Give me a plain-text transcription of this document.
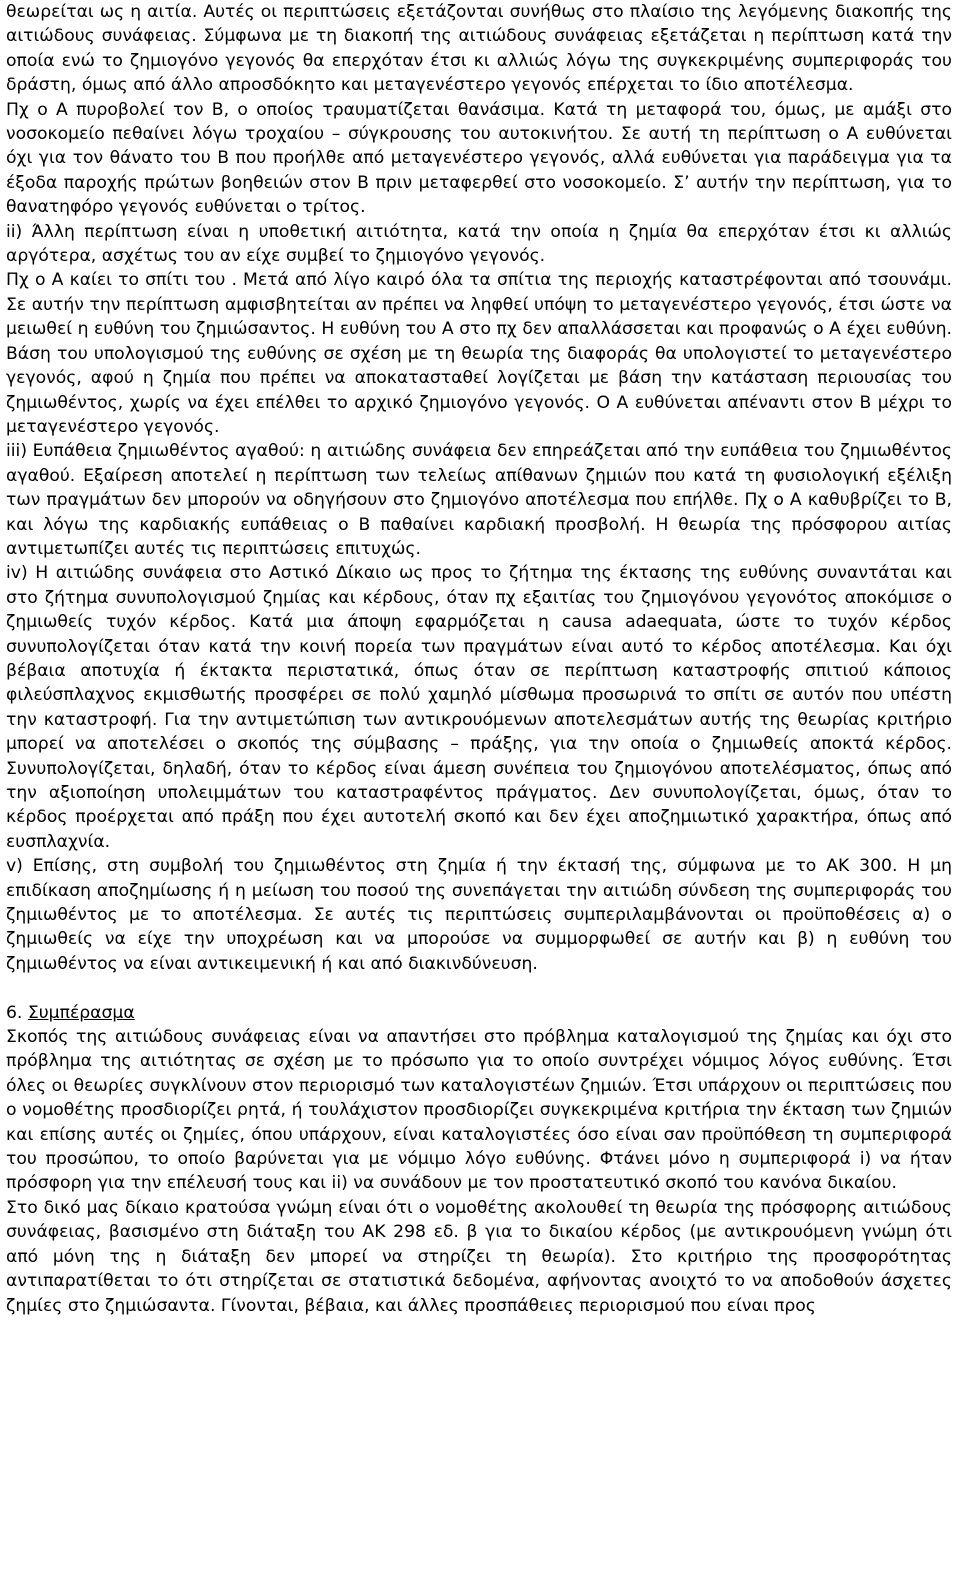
θεωρείται ως η αιτία. Αυτές οι περιπτώσεις εξετάζονται συνήθως στο πλαίσιο της λεγόμενης διακοπής της αιτιώδους συνάφειας. Σύμφωνα με τη διακοπή της αιτιώδους συνάφειας εξετάζεται η περίπτωση κατά την οποία ενώ το ζημιογόνο γεγονός θα επερχόταν έτσι κι αλλιώς λόγω της συγκεκριμένης συμπεριφοράς του δράστη, όμως από άλλο απροσδόκητο και μεταγενέστερο γεγονός επέρχεται το ίδιο αποτέλεσμα.

Πχ ο Α πυροβολεί τον Β, ο οποίος τραυματίζεται θανάσιμα. Κατά τη μεταφορά του, όμως, με αμάξι στο νοσοκομείο πεθαίνει λόγω τροχαίου – σύγκρουσης του αυτοκινήτου. Σε αυτή τη περίπτωση ο Α ευθύνεται όχι για τον θάνατο του Β που προήλθε από μεταγενέστερο γεγονός, αλλά ευθύνεται για παράδειγμα για τα έξοδα παροχής πρώτων βοηθειών στον Β πριν μεταφερθεί στο νοσοκομείο. Σ’ αυτήν την περίπτωση, για το θανατηφόρο γεγονός ευθύνεται ο τρίτος.

ii) Άλλη περίπτωση είναι η υποθετική αιτιότητα, κατά την οποία η ζημία θα επερχόταν έτσι κι αλλιώς αργότερα, ασχέτως του αν είχε συμβεί το ζημιογόνο γεγονός.

Πχ ο Α καίει το σπίτι του . Μετά από λίγο καιρό όλα τα σπίτια της περιοχής καταστρέφονται από τσουνάμι. Σε αυτήν την περίπτωση αμφισβητείται αν πρέπει να ληφθεί υπόψη το μεταγενέστερο γεγονός, έτσι ώστε να μειωθεί η ευθύνη του ζημιώσαντος. Η ευθύνη του Α στο πχ δεν απαλλάσσεται και προφανώς ο Α έχει ευθύνη. Βάση του υπολογισμού της ευθύνης σε σχέση με τη θεωρία της διαφοράς θα υπολογιστεί το μεταγενέστερο γεγονός, αφού η ζημία που πρέπει να αποκατασταθεί λογίζεται με βάση την κατάσταση περιουσίας του ζημιωθέντος, χωρίς να έχει επέλθει το αρχικό ζημιογόνο γεγονός. Ο Α ευθύνεται απέναντι στον Β μέχρι το μεταγενέστερο γεγονός.

iii) Ευπάθεια ζημιωθέντος αγαθού: η αιτιώδης συνάφεια δεν επηρεάζεται από την ευπάθεια του ζημιωθέντος αγαθού. Εξαίρεση αποτελεί η περίπτωση των τελείως απίθανων ζημιών που κατά τη φυσιολογική εξέλιξη των πραγμάτων δεν μπορούν να οδηγήσουν στο ζημιογόνο αποτέλεσμα που επήλθε. Πχ ο Α καθυβρίζει το Β, και λόγω της καρδιακής ευπάθειας ο Β παθαίνει καρδιακή προσβολή. Η θεωρία της πρόσφορου αιτίας αντιμετωπίζει αυτές τις περιπτώσεις επιτυχώς.

iv) Η αιτιώδης συνάφεια στο Αστικό Δίκαιο ως προς το ζήτημα της έκτασης της ευθύνης συναντάται και στο ζήτημα συνυπολογισμού ζημίας και κέρδους, όταν πχ εξαιτίας του ζημιογόνου γεγονότος αποκόμισε ο ζημιωθείς τυχόν κέρδος. Κατά μια άποψη εφαρμόζεται η causa adaequata, ώστε το τυχόν κέρδος συνυπολογίζεται όταν κατά την κοινή πορεία των πραγμάτων είναι αυτό το κέρδος αποτέλεσμα. Και όχι βέβαια αποτυχία ή έκτακτα περιστατικά, όπως όταν σε περίπτωση καταστροφής σπιτιού κάποιος φιλεύσπλαχνος εκμισθωτής προσφέρει σε πολύ χαμηλό μίσθωμα προσωρινά το σπίτι σε αυτόν που υπέστη την καταστροφή. Για την αντιμετώπιση των αντικρουόμενων αποτελεσμάτων αυτής της θεωρίας κριτήριο μπορεί να αποτελέσει ο σκοπός της σύμβασης – πράξης, για την οποία ο ζημιωθείς αποκτά κέρδος. Συνυπολογίζεται, δηλαδή, όταν το κέρδος είναι άμεση συνέπεια του ζημιογόνου αποτελέσματος, όπως από την αξιοποίηση υπολειμμάτων του καταστραφέντος πράγματος. Δεν συνυπολογίζεται, όμως, όταν το κέρδος προέρχεται από πράξη που έχει αυτοτελή σκοπό και δεν έχει αποζημιωτικό χαρακτήρα, όπως από ευσπλαχνία.

v) Επίσης, στη συμβολή του ζημιωθέντος στη ζημία ή την έκτασή της, σύμφωνα με το ΑΚ 300. Η μη επιδίκαση αποζημίωσης ή η μείωση του ποσού της συνεπάγεται την αιτιώδη σύνδεση της συμπεριφοράς του ζημιωθέντος με το αποτέλεσμα. Σε αυτές τις περιπτώσεις συμπεριλαμβάνονται οι προϋποθέσεις α) ο ζημιωθείς να είχε την υποχρέωση και να μπορούσε να συμμορφωθεί σε αυτήν και β) η ευθύνη του ζημιωθέντος να είναι αντικειμενική ή και από διακινδύνευση.

6. Συμπέρασμα

Σκοπός της αιτιώδους συνάφειας είναι να απαντήσει στο πρόβλημα καταλογισμού της ζημίας και όχι στο πρόβλημα της αιτιότητας σε σχέση με το πρόσωπο για το οποίο συντρέχει νόμιμος λόγος ευθύνης. Έτσι όλες οι θεωρίες συγκλίνουν στον περιορισμό των καταλογιστέων ζημιών. Έτσι υπάρχουν οι περιπτώσεις που ο νομοθέτης προσδιορίζει ρητά, ή τουλάχιστον προσδιορίζει συγκεκριμένα κριτήρια την έκταση των ζημιών και επίσης αυτές οι ζημίες, όπου υπάρχουν, είναι καταλογιστέες όσο είναι σαν προϋπόθεση τη συμπεριφορά του προσώπου, το οποίο βαρύνεται για με νόμιμο λόγο ευθύνης. Φτάνει μόνο η συμπεριφορά i) να ήταν πρόσφορη για την επέλευσή τους και ii) να συνάδουν με τον προστατευτικό σκοπό του κανόνα δικαίου.

Στο δικό μας δίκαιο κρατούσα γνώμη είναι ότι ο νομοθέτης ακολουθεί τη θεωρία της πρόσφορης αιτιώδους συνάφειας, βασισμένο στη διάταξη του ΑΚ 298 εδ. β για το δικαίου κέρδος (με αντικρουόμενη γνώμη ότι από μόνη της η διάταξη δεν μπορεί να στηρίζει τη θεωρία). Στο κριτήριο της προσφορότητας αντιπαρατίθεται το ότι στηρίζεται σε στατιστικά δεδομένα, αφήνοντας ανοιχτό το να αποδοθούν άσχετες ζημίες στο ζημιώσαντα. Γίνονται, βέβαια, και άλλες προσπάθειες περιορισμού που είναι προς
